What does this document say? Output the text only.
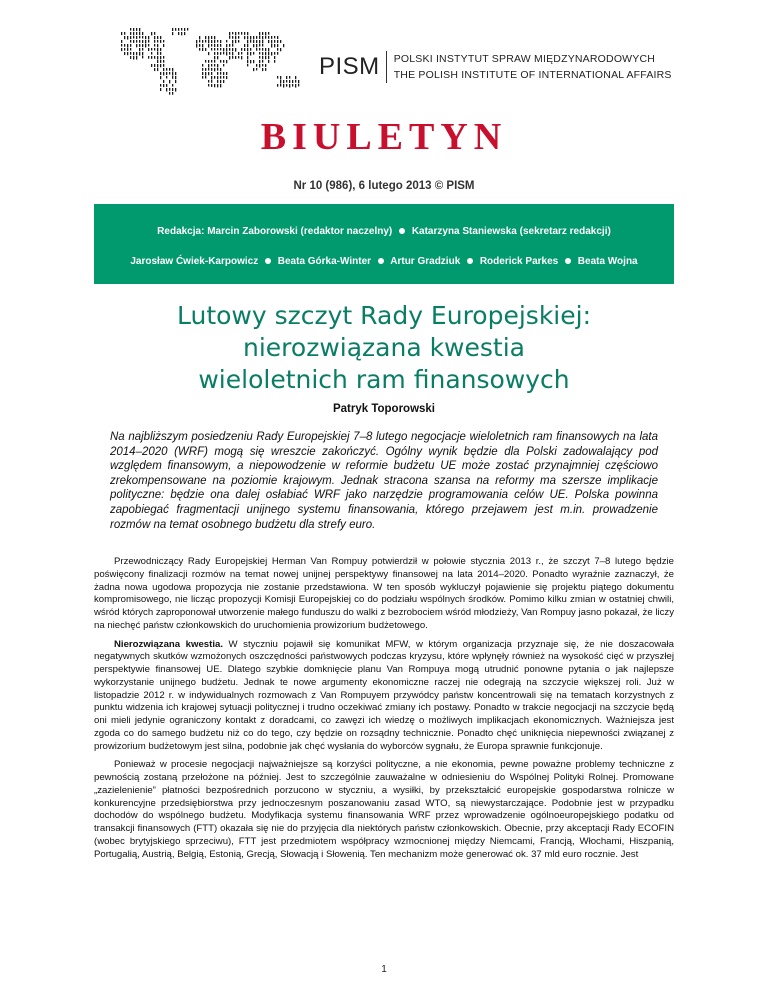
PISM	POLSKI INSTYTUT SPRAW MIĘDZYNARODOWYCH
THE POLISH INSTITUTE OF INTERNATIONAL AFFAIRS
BIULETYN
Nr 10 (986), 6 lutego 2013 © PISM
Redakcja: Marcin Zaborowski (redaktor naczelny) Katarzyna Staniewska (sekretarz redakcji)
Jarosław Ćwiek-Karpowicz Beata Górka-Winter Artur Gradziuk Roderick Parkes Beata Wojna
Lutowy szczyt Rady Europejskiej:
nierozwiązana kwestia
wieloletnich ram finansowych
Patryk Toporowski
Na najbliższym posiedzeniu Rady Europejskiej 7–8 lutego negocjacje wieloletnich ram finansowych na lata 2014–2020 (WRF) mogą się wreszcie zakończyć. Ogólny wynik będzie dla Polski zadowalający pod względem finansowym, a niepowodzenie w reformie budżetu UE może zostać przynajmniej częściowo zrekompensowane na poziomie krajowym. Jednak stracona szansa na reformy ma szersze implikacje polityczne: będzie ona dalej osłabiać WRF jako narzędzie programowania celów UE. Polska powinna zapobiegać fragmentacji unijnego systemu finansowania, którego przejawem jest m.in. prowadzenie rozmów na temat osobnego budżetu dla strefy euro.

Przewodniczący Rady Europejskiej Herman Van Rompuy potwierdził w połowie stycznia 2013 r., że szczyt 7–8 lutego będzie poświęcony finalizacji rozmów na temat nowej unijnej perspektywy finansowej na lata 2014–2020. Ponadto wyraźnie zaznaczył, że żadna nowa ugodowa propozycja nie zostanie przedstawiona. W ten sposób wykluczył pojawienie się projektu piątego dokumentu kompromisowego, nie licząc propozycji Komisji Europejskiej co do podziału wspólnych środków. Pomimo kilku zmian w ostatniej chwili, wśród których zaproponował utworzenie małego funduszu do walki z bezrobociem wśród młodzieży, Van Rompuy jasno pokazał, że liczy na niechęć państw członkowskich do uruchomienia prowizorium budżetowego.

Nierozwiązana kwestia. W styczniu pojawił się komunikat MFW, w którym organizacja przyznaje się, że nie doszacowała negatywnych skutków wzmożonych oszczędności państwowych podczas kryzysu, które wpłynęły również na wysokość cięć w przyszłej perspektywie finansowej UE. Dlatego szybkie domknięcie planu Van Rompuya mogą utrudnić ponowne pytania o jak najlepsze wykorzystanie unijnego budżetu. Jednak te nowe argumenty ekonomiczne raczej nie odegrają na szczycie większej roli. Już w listopadzie 2012 r. w indywidualnych rozmowach z Van Rompuyem przywódcy państw koncentrowali się na tematach korzystnych z punktu widzenia ich krajowej sytuacji politycznej i trudno oczekiwać zmiany ich postawy. Ponadto w trakcie negocjacji na szczycie będą oni mieli jedynie ograniczony kontakt z doradcami, co zawęzi ich wiedzę o możliwych implikacjach ekonomicznych. Ważniejsza jest zgoda co do samego budżetu niż co do tego, czy będzie on rozsądny technicznie. Ponadto chęć uniknięcia niepewności związanej z prowizorium budżetowym jest silna, podobnie jak chęć wysłania do wyborców sygnału, że Europa sprawnie funkcjonuje.

Ponieważ w procesie negocjacji najważniejsze są korzyści polityczne, a nie ekonomia, pewne poważne problemy techniczne z pewnością zostaną przełożone na później. Jest to szczególnie zauważalne w odniesieniu do Wspólnej Polityki Rolnej. Promowane „zazielenienie” płatności bezpośrednich porzucono w styczniu, a wysiłki, by przekształcić europejskie gospodarstwa rolnicze w konkurencyjne przedsiębiorstwa przy jednoczesnym poszanowaniu zasad WTO, są niewystarczające. Podobnie jest w przypadku dochodów do wspólnego budżetu. Modyfikacja systemu finansowania WRF przez wprowadzenie ogólnoeuropejskiego podatku od transakcji finansowych (FTT) okazała się nie do przyjęcia dla niektórych państw członkowskich. Obecnie, przy akceptacji Rady ECOFIN (wobec brytyjskiego sprzeciwu), FTT jest przedmiotem współpracy wzmocnionej między Niemcami, Francją, Włochami, Hiszpanią, Portugalią, Austrią, Belgią, Estonią, Grecją, Słowacją i Słowenią. Ten mechanizm może generować ok. 37 mld euro rocznie. Jest

1
